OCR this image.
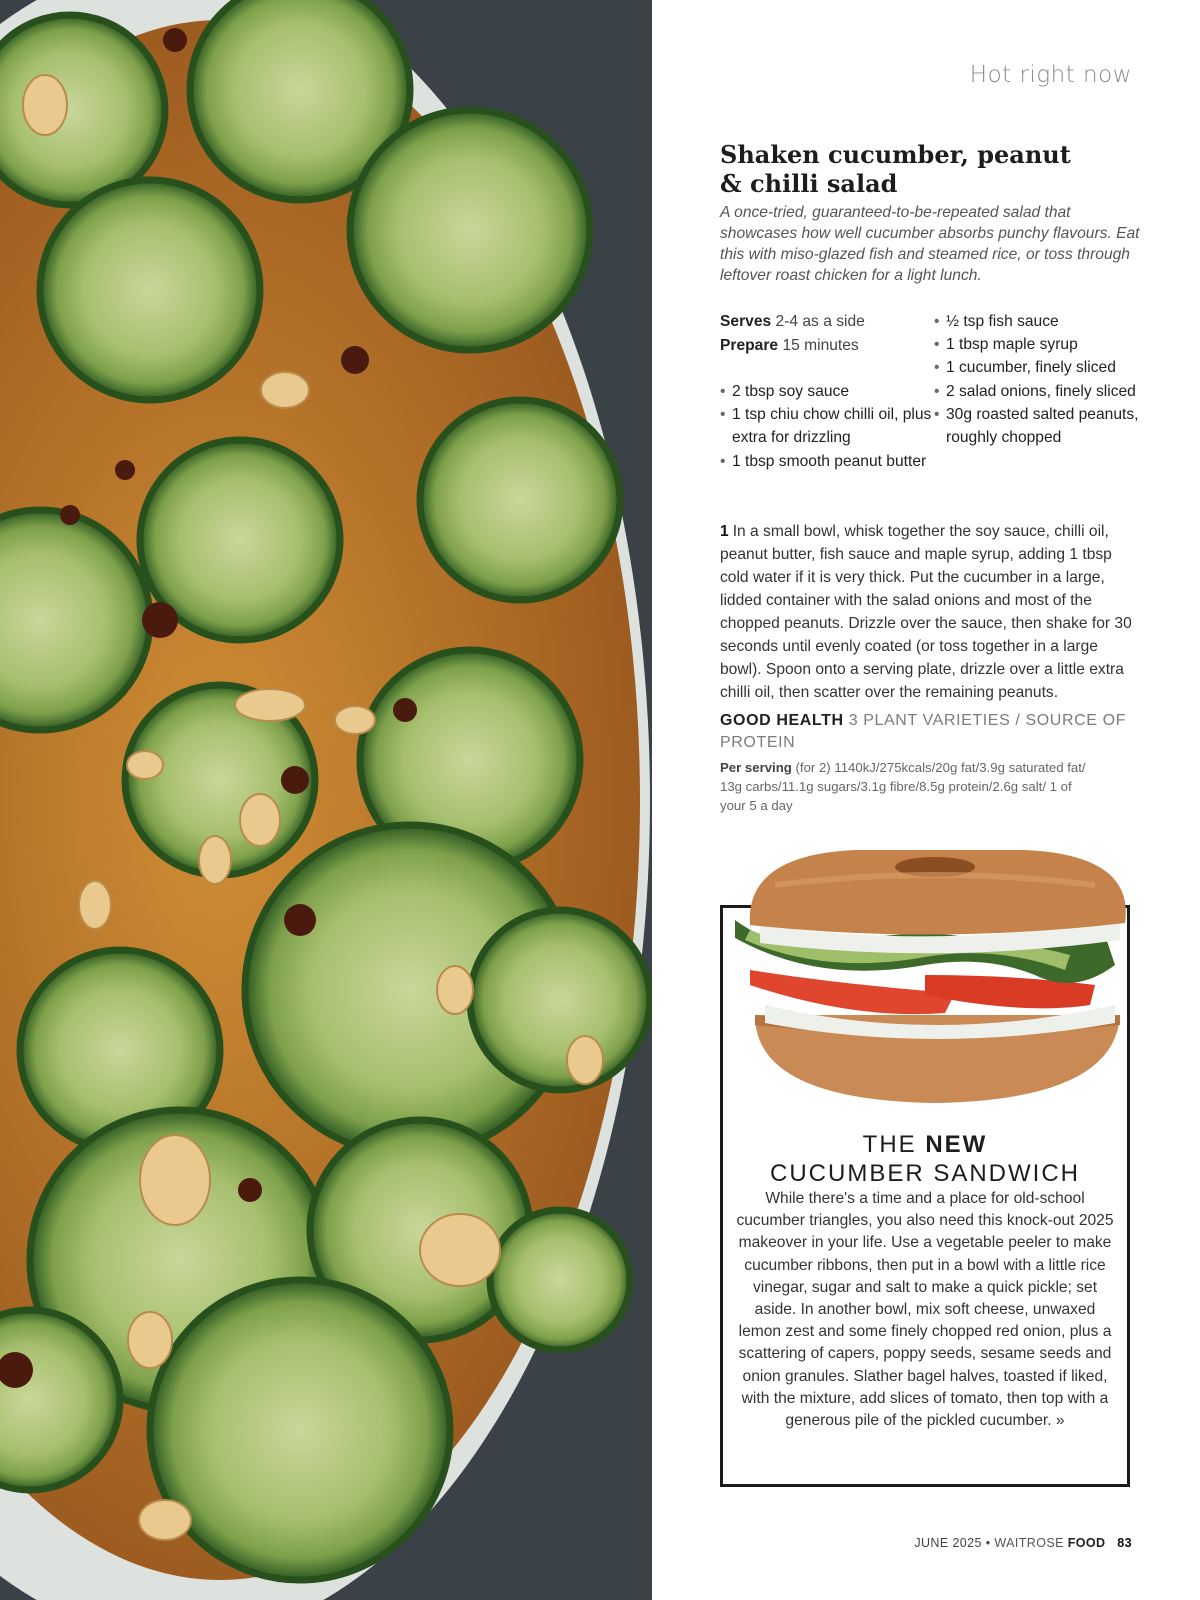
Hot right now
Shaken cucumber, peanut
& chilli salad

A once-tried, guaranteed-to-be-repeated salad that showcases how well cucumber absorbs punchy flavours. Eat this with miso-glazed fish and steamed rice, or toss through leftover roast chicken for a light lunch.

Serves 2-4 as a side
Prepare 15 minutes
• 2 tbsp soy sauce
• 1 tsp chiu chow chilli oil, plus extra for drizzling
• 1 tbsp smooth peanut butter
• ½ tsp fish sauce
• 1 tbsp maple syrup
• 1 cucumber, finely sliced
• 2 salad onions, finely sliced
• 30g roasted salted peanuts, roughly chopped

1 In a small bowl, whisk together the soy sauce, chilli oil, peanut butter, fish sauce and maple syrup, adding 1 tbsp cold water if it is very thick. Put the cucumber in a large, lidded container with the salad onions and most of the chopped peanuts. Drizzle over the sauce, then shake for 30 seconds until evenly coated (or toss together in a large bowl). Spoon onto a serving plate, drizzle over a little extra chilli oil, then scatter over the remaining peanuts.

GOOD HEALTH 3 PLANT VARIETIES / SOURCE OF PROTEIN
Per serving (for 2) 1140kJ/275kcals/20g fat/3.9g saturated fat/ 13g carbs/11.1g sugars/3.1g fibre/8.5g protein/2.6g salt/ 1 of your 5 a day
THE NEW
CUCUMBER SANDWICH

While there's a time and a place for old-school cucumber triangles, you also need this knock-out 2025 makeover in your life. Use a vegetable peeler to make cucumber ribbons, then put in a bowl with a little rice vinegar, sugar and salt to make a quick pickle; set aside. In another bowl, mix soft cheese, unwaxed lemon zest and some finely chopped red onion, plus a scattering of capers, poppy seeds, sesame seeds and onion granules. Slather bagel halves, toasted if liked, with the mixture, add slices of tomato, then top with a generous pile of the pickled cucumber. »

JUNE 2025 • WAITROSE FOOD 83
